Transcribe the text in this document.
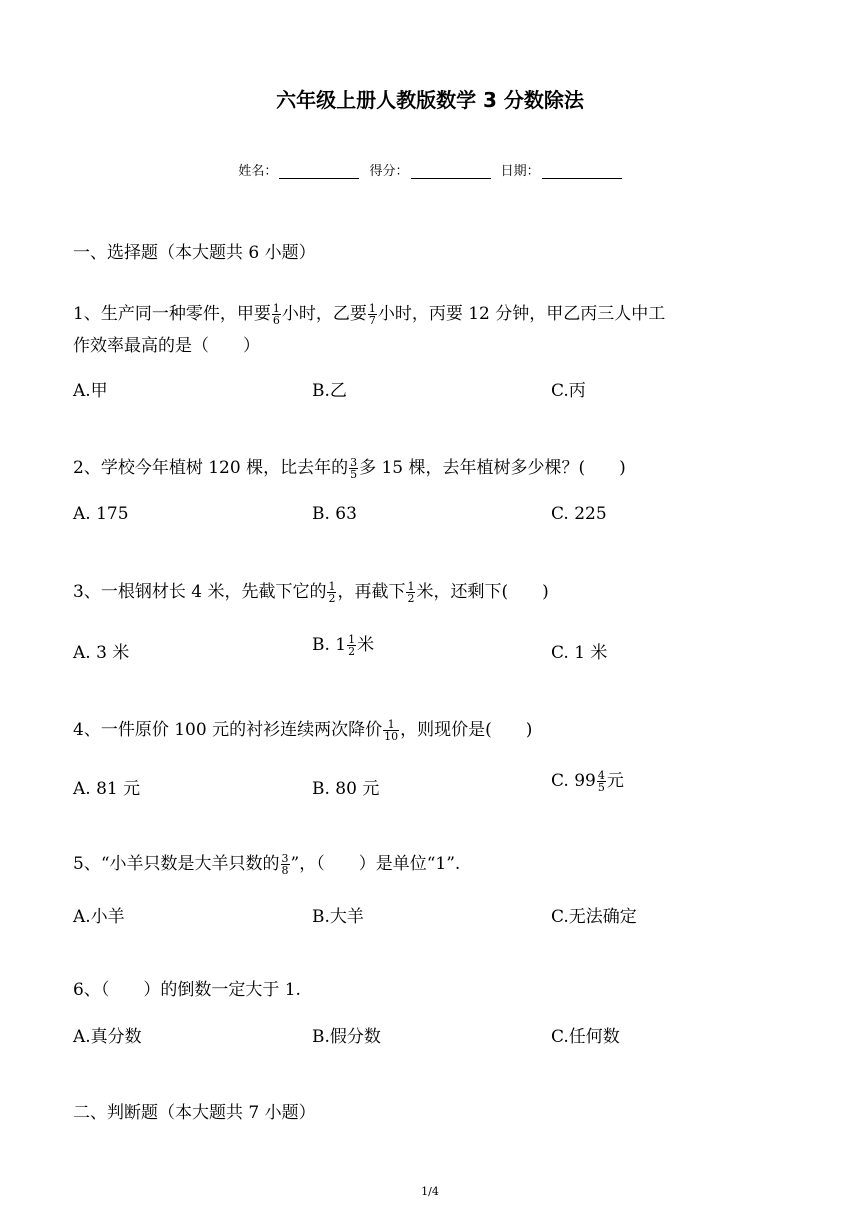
六年级上册人教版数学 3 分数除法
姓名：	得分：	日期：
一、选择题（本大题共 6 小题）
1、生产同一种零件，甲要 $\frac{1}{6}$ 小时，乙要 $\frac{1}{7}$ 小时，丙要 12 分钟，甲乙丙三人中工
作效率最高的是（　　）
A.甲	B.乙	C.丙
2、学校今年植树 120 棵，比去年的 $\frac{3}{5}$ 多 15 棵，去年植树多少棵？(　　)
A. 175	B. 63	C. 225
3、一根钢材长 4 米，先截下它的 $\frac{1}{2}$ ，再截下 $\frac{1}{2}$ 米，还剩下(　　)
A. 3 米	B. $1 \frac{1}{2}$ 米	C. 1 米
4、一件原价 100 元的衬衫连续两次降价 $\frac{1}{10}$ ，则现价是(　　)
A. 81 元	B. 80 元	C. $99 \frac{4}{5}$ 元
5、“小羊只数是大羊只数的 $\frac{3}{8}$ ”，（　　）是单位“1”.
A.小羊	B.大羊	C.无法确定
6、（　　）的倒数一定大于 1.
A.真分数	B.假分数	C.任何数
二、判断题（本大题共 7 小题）
1/4
